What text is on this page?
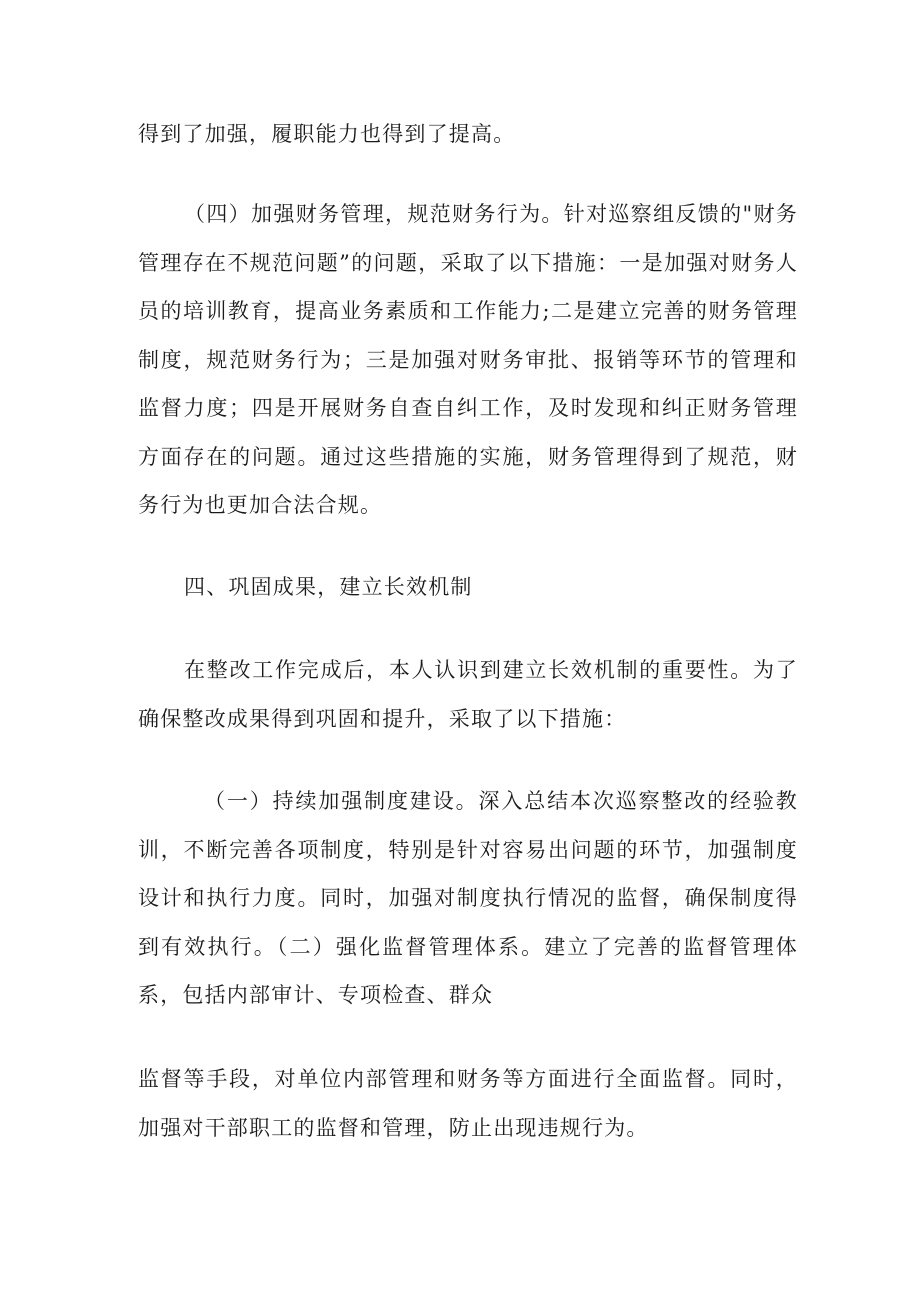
得到了加强，履职能力也得到了提高。

（四）加强财务管理，规范财务行为。针对巡察组反馈的"财务管理存在不规范问题”的问题，采取了以下措施：一是加强对财务人员的培训教育，提高业务素质和工作能力;二是建立完善的财务管理制度，规范财务行为；三是加强对财务审批、报销等环节的管理和监督力度；四是开展财务自查自纠工作，及时发现和纠正财务管理方面存在的问题。通过这些措施的实施，财务管理得到了规范，财务行为也更加合法合规。

四、巩固成果，建立长效机制

在整改工作完成后，本人认识到建立长效机制的重要性。为了确保整改成果得到巩固和提升，采取了以下措施：

（一）持续加强制度建设。深入总结本次巡察整改的经验教训，不断完善各项制度，特别是针对容易出问题的环节，加强制度设计和执行力度。同时，加强对制度执行情况的监督，确保制度得到有效执行。（二）强化监督管理体系。建立了完善的监督管理体系，包括内部审计、专项检查、群众

监督等手段，对单位内部管理和财务等方面进行全面监督。同时，加强对干部职工的监督和管理，防止出现违规行为。
